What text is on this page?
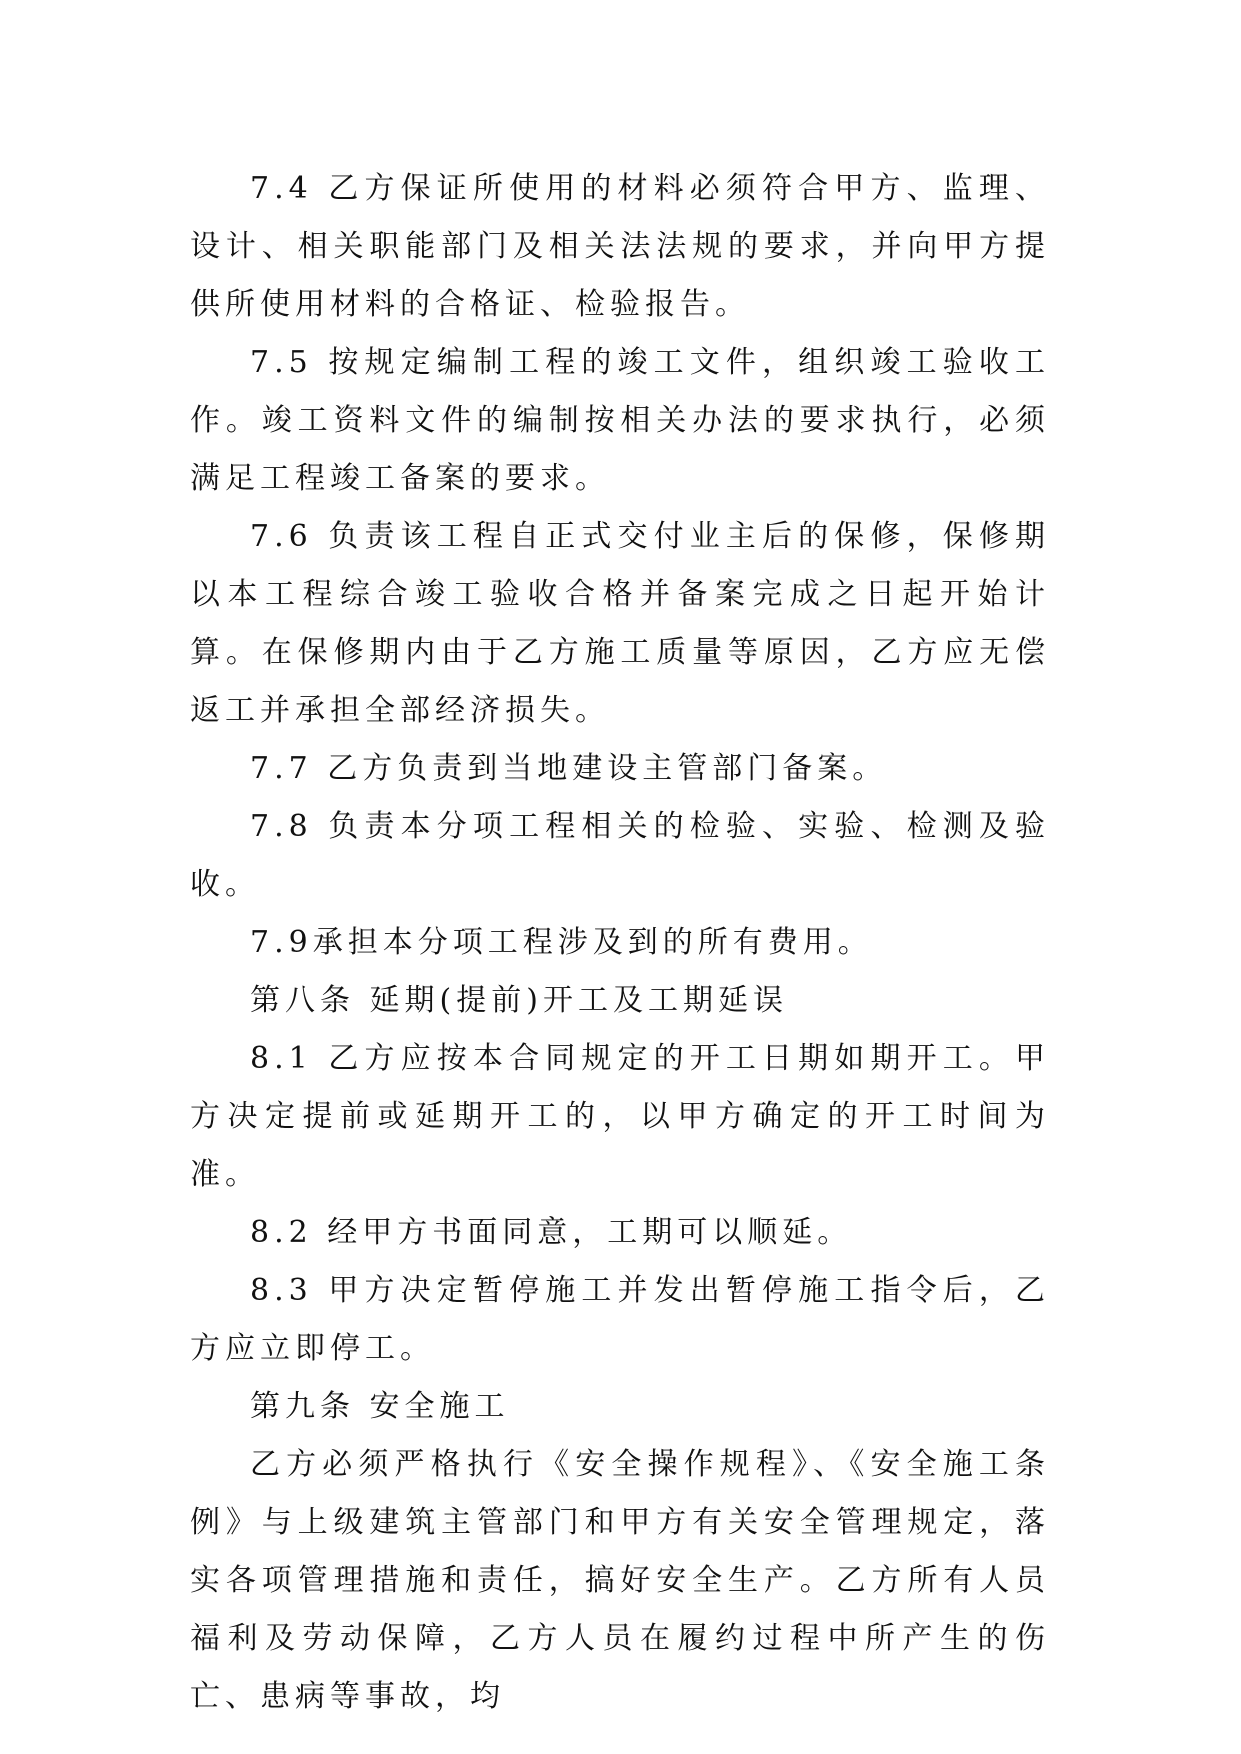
7.4 乙方保证所使用的材料必须符合甲方、监理、设计、相关职能部门及相关法法规的要求，并向甲方提供所使用材料的合格证、检验报告。

7.5 按规定编制工程的竣工文件，组织竣工验收工作。竣工资料文件的编制按相关办法的要求执行，必须满足工程竣工备案的要求。

7.6 负责该工程自正式交付业主后的保修，保修期以本工程综合竣工验收合格并备案完成之日起开始计算。在保修期内由于乙方施工质量等原因，乙方应无偿返工并承担全部经济损失。

7.7 乙方负责到当地建设主管部门备案。

7.8 负责本分项工程相关的检验、实验、检测及验收。

7.9承担本分项工程涉及到的所有费用。

第八条 延期(提前)开工及工期延误

8.1 乙方应按本合同规定的开工日期如期开工。甲方决定提前或延期开工的，以甲方确定的开工时间为准。

8.2 经甲方书面同意，工期可以顺延。

8.3 甲方决定暂停施工并发出暂停施工指令后，乙方应立即停工。

第九条 安全施工

乙方必须严格执行《安全操作规程》、《安全施工条例》与上级建筑主管部门和甲方有关安全管理规定，落实各项管理措施和责任，搞好安全生产。乙方所有人员福利及劳动保障，乙方人员在履约过程中所产生的伤亡、患病等事故，均
